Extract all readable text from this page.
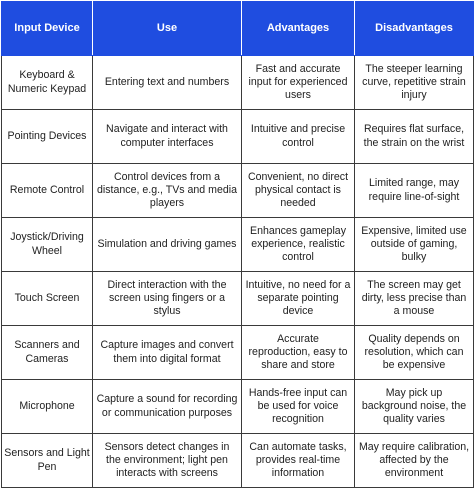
Input Device	Use	Advantages	Disadvantages
Keyboard & Numeric Keypad	Entering text and numbers	Fast and accurate input for experienced users	The steeper learning curve, repetitive strain injury
Pointing Devices	Navigate and interact with computer interfaces	Intuitive and precise control	Requires flat surface, the strain on the wrist
Remote Control	Control devices from a distance, e.g., TVs and media players	Convenient, no direct physical contact is needed	Limited range, may require line-of-sight
Joystick/Driving Wheel	Simulation and driving games	Enhances gameplay experience, realistic control	Expensive, limited use outside of gaming, bulky
Touch Screen	Direct interaction with the screen using fingers or a stylus	Intuitive, no need for a separate pointing device	The screen may get dirty, less precise than a mouse
Scanners and Cameras	Capture images and convert them into digital format	Accurate reproduction, easy to share and store	Quality depends on resolution, which can be expensive
Microphone	Capture a sound for recording or communication purposes	Hands-free input can be used for voice recognition	May pick up background noise, the quality varies
Sensors and Light Pen	Sensors detect changes in the environment; light pen interacts with screens	Can automate tasks, provides real-time information	May require calibration, affected by the environment
